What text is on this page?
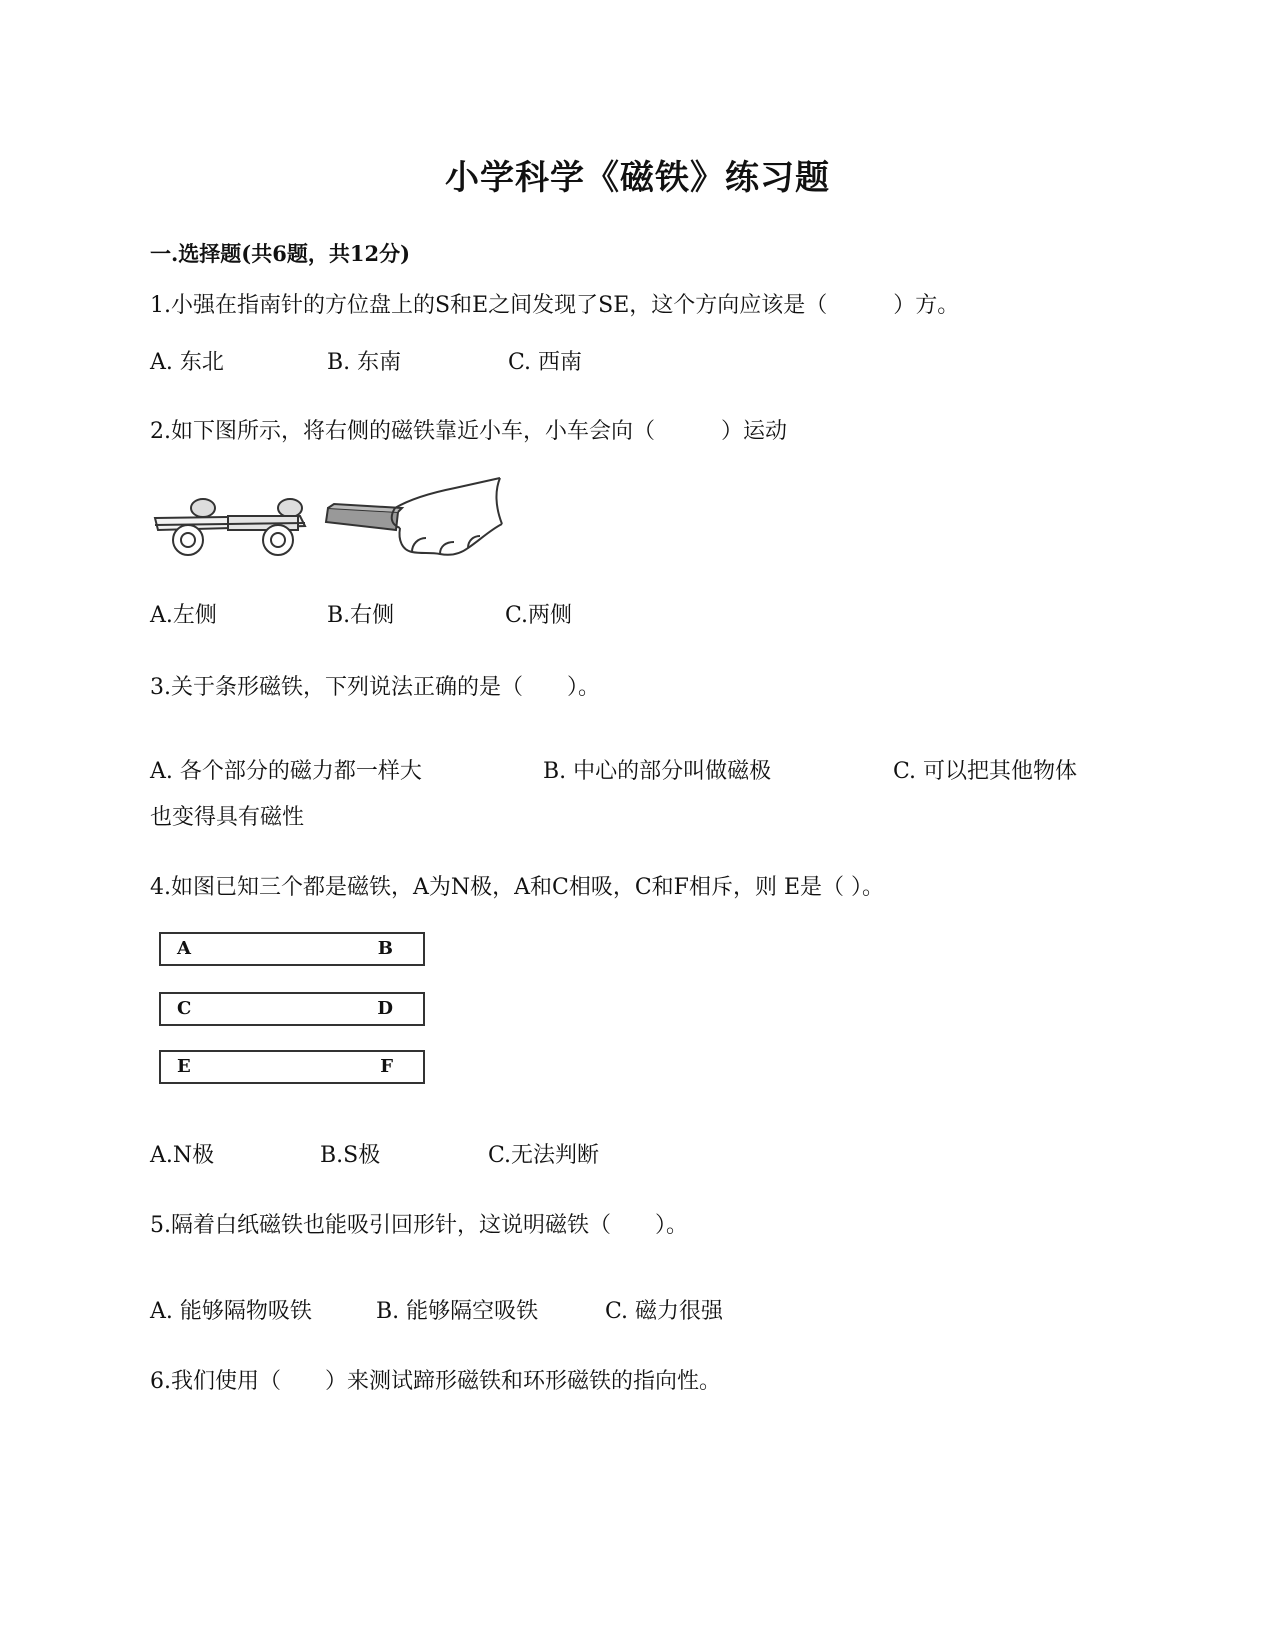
小学科学《磁铁》练习题
一.选择题(共6题，共12分)
1.小强在指南针的方位盘上的S和E之间发现了SE，这个方向应该是（　　　）方。
A. 东北	B. 东南	C. 西南
2.如下图所示，将右侧的磁铁靠近小车，小车会向（　　　）运动
A.左侧	B.右侧	C.两侧
3.关于条形磁铁，下列说法正确的是（　　）。
A. 各个部分的磁力都一样大	B. 中心的部分叫做磁极	C. 可以把其他物体
也变得具有磁性
4.如图已知三个都是磁铁，A为N极，A和C相吸，C和F相斥，则 E是（ ）。
A	B
C	D
E	F
A.N极	B.S极	C.无法判断
5.隔着白纸磁铁也能吸引回形针，这说明磁铁（　　）。
A. 能够隔物吸铁	B. 能够隔空吸铁	C. 磁力很强
6.我们使用（　　）来测试蹄形磁铁和环形磁铁的指向性。
